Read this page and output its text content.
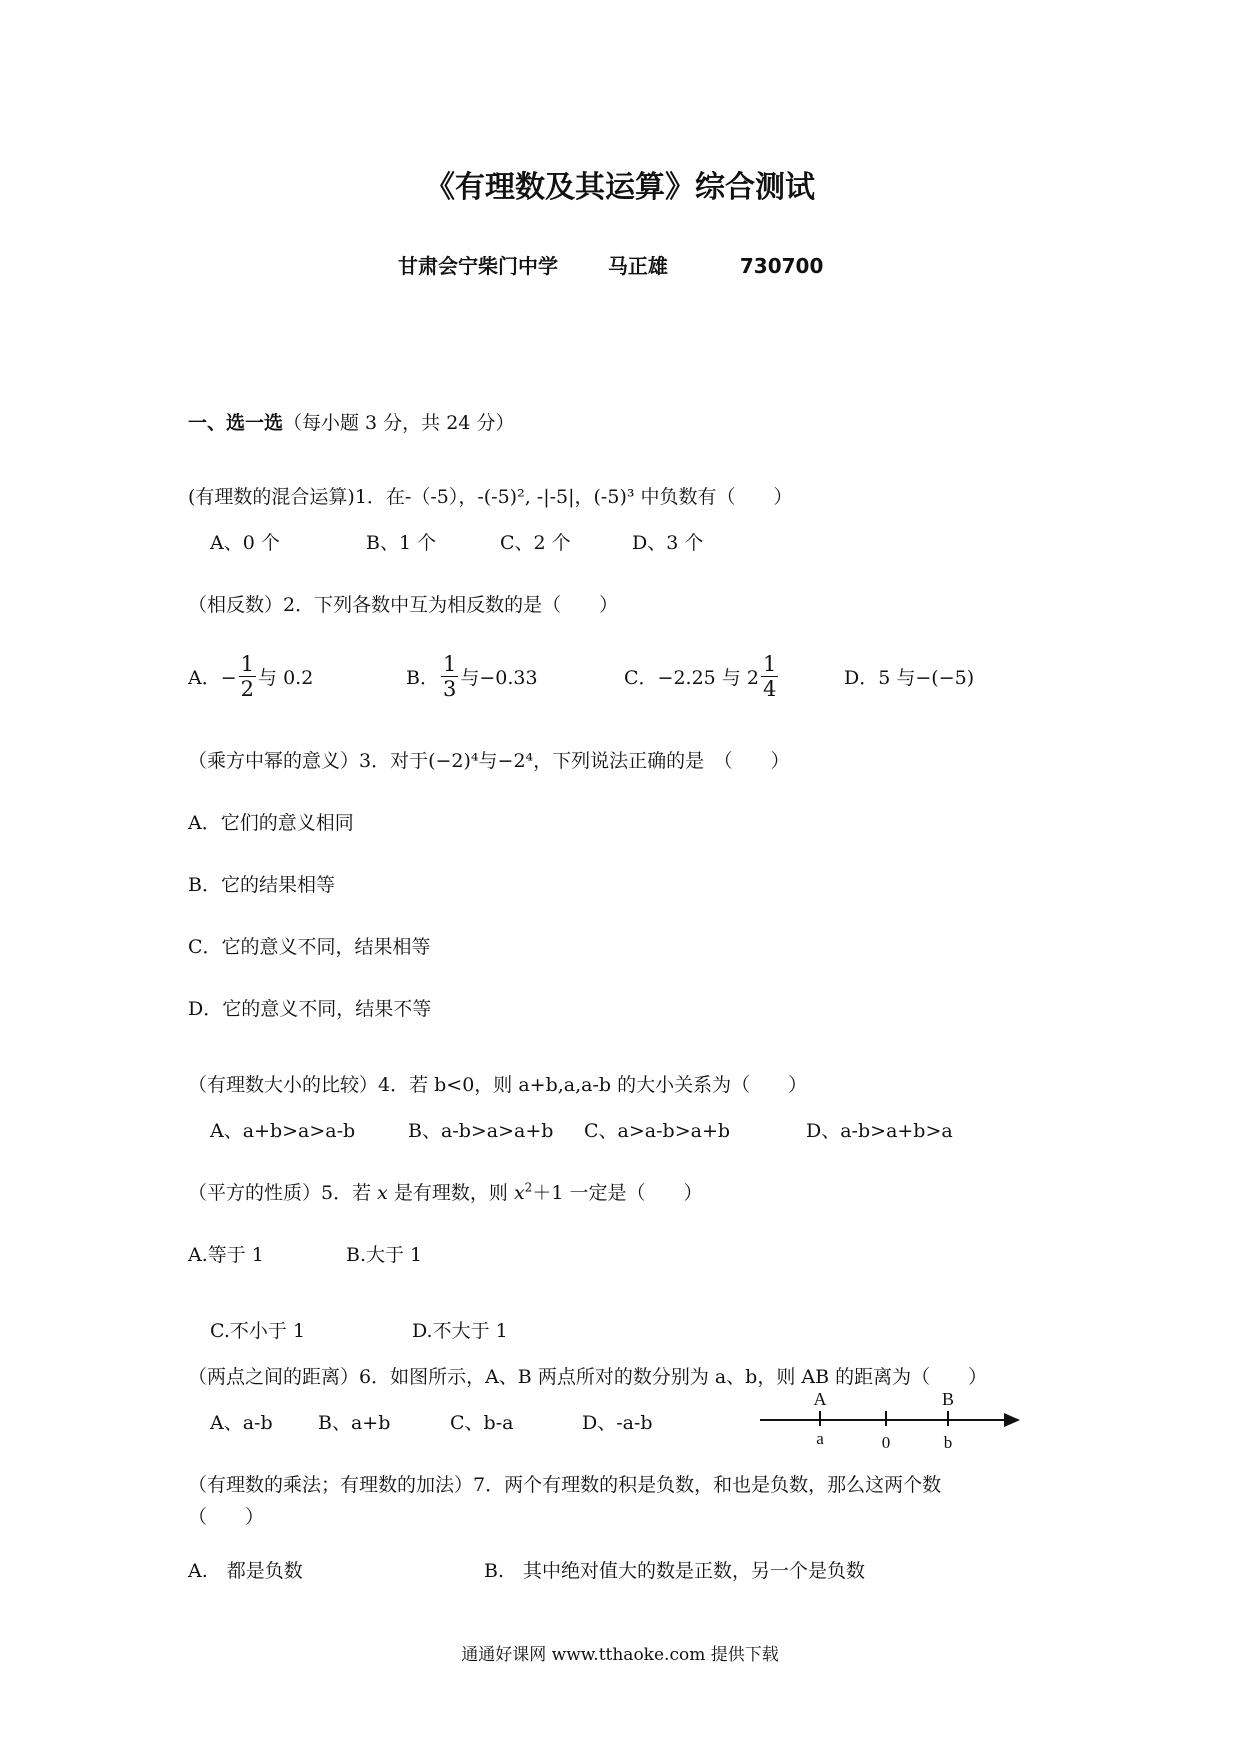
《有理数及其运算》综合测试
甘肃会宁柴门中学 马正雄	730700
一、选一选（每小题 3 分，共 24 分）
(有理数的混合运算)1．在-（-5），-(-5)², -|-5|，(-5)³ 中负数有（　　）
A、0 个	B、1 个	C、2 个	D、3 个
（相反数）2．下列各数中互为相反数的是（　　）
A．− $\frac{1}{2}$ 与 0.2	B． $\frac{1}{3}$ 与−0.33	C．−2.25 与 $2 \frac{1}{4}$	D．5 与−(−5)
（乘方中幂的意义）3．对于(−2)⁴与−2⁴，下列说法正确的是　（　　）
A．它们的意义相同
B．它的结果相等
C．它的意义不同，结果相等
D．它的意义不同，结果不等
（有理数大小的比较）4．若 b<0，则 a+b,a,a-b 的大小关系为（　　）
A、a+b>a>a-b	B、a-b>a>a+b C、a>a-b>a+b	D、a-b>a+b>a
（平方的性质）5．若 x 是有理数，则 $x^2+1$ 一定是（　　）
A.等于 1	B.大于 1
C.不小于 1	D.不大于 1
（两点之间的距离）6．如图所示，A、B 两点所对的数分别为 a、b，则 AB 的距离为（　　）
A、a-b B、a+b	C、b-a	D、-a-b
A	B
a	0	b
（有理数的乘法；有理数的加法）7．两个有理数的积是负数，和也是负数，那么这两个数
（　　）
A.　都是负数	B.　其中绝对值大的数是正数，另一个是负数
通通好课网 www.tthaoke.com 提供下载
